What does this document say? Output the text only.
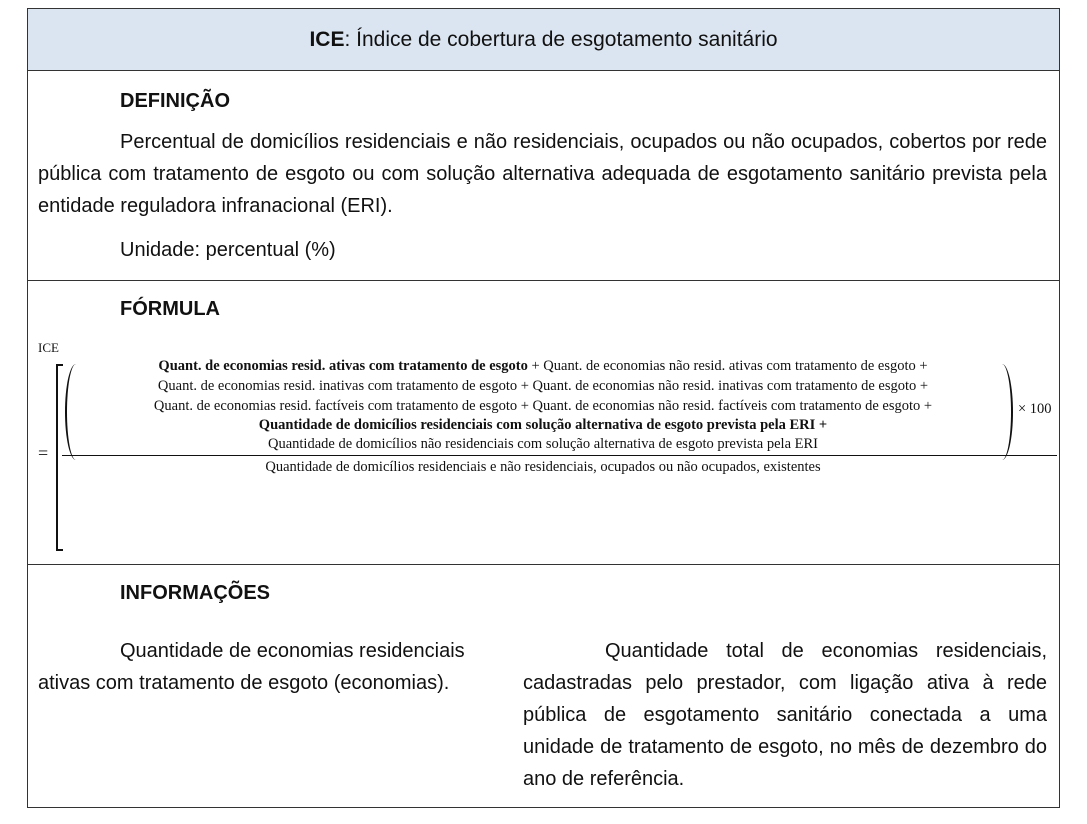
ICE : Índice de cobertura de esgotamento sanitário
DEFINIÇÃO
Percentual de domicílios residenciais e não residenciais, ocupados ou não ocupados, cobertos por rede pública com tratamento de esgoto ou com solução alternativa adequada de esgotamento sanitário prevista pela entidade reguladora infranacional (ERI).
Unidade: percentual (%)
FÓRMULA
ICE
=
× 100
Quant. de economias resid. ativas com tratamento de esgoto + Quant. de economias não resid. ativas com tratamento de esgoto +
Quant. de economias resid. inativas com tratamento de esgoto + Quant. de economias não resid. inativas com tratamento de esgoto +
Quant. de economias resid. factíveis com tratamento de esgoto + Quant. de economias não resid. factíveis com tratamento de esgoto +
Quantidade de domicílios residenciais com solução alternativa de esgoto prevista pela ERI +
Quantidade de domicílios não residenciais com solução alternativa de esgoto prevista pela ERI
Quantidade de domicílios residenciais e não residenciais, ocupados ou não ocupados, existentes
INFORMAÇÕES
Quantidade de economias residenciais ativas com tratamento de esgoto (economias).
Quantidade total de economias residenciais, cadastradas pelo prestador, com ligação ativa à rede pública de esgotamento sanitário conectada a uma unidade de tratamento de esgoto, no mês de dezembro do ano de referência.
